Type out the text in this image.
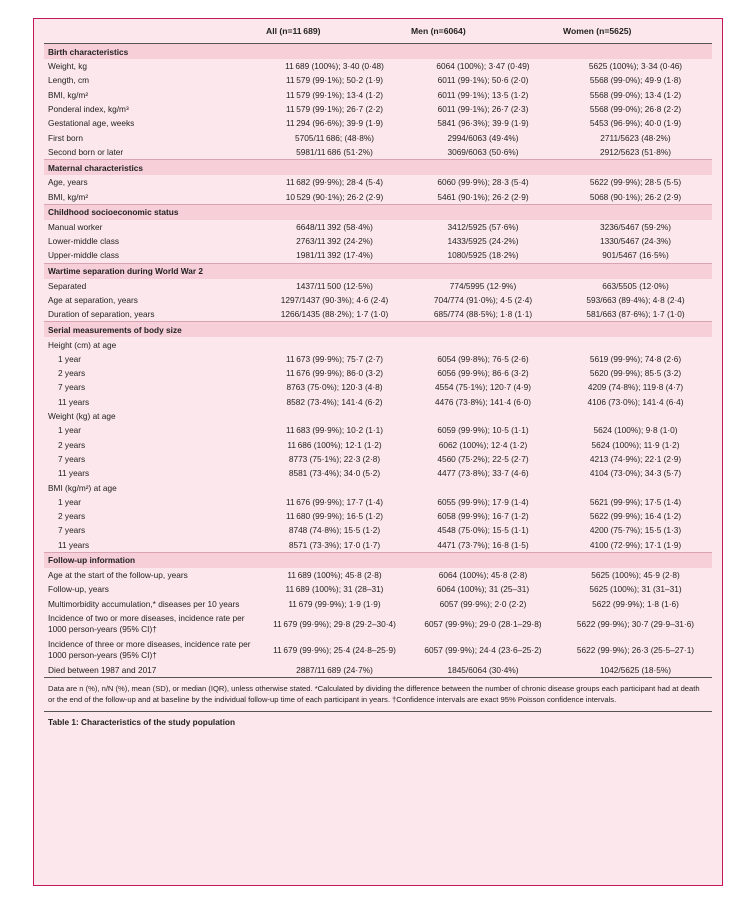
	All (n=11 689)	Men (n=6064)	Women (n=5625)
Birth characteristics			
Weight, kg	11 689 (100%); 3·40 (0·48)	6064 (100%); 3·47 (0·49)	5625 (100%); 3·34 (0·46)
Length, cm	11 579 (99·1%); 50·2 (1·9)	6011 (99·1%); 50·6 (2·0)	5568 (99·0%); 49·9 (1·8)
BMI, kg/m²	11 579 (99·1%); 13·4 (1·2)	6011 (99·1%); 13·5 (1·2)	5568 (99·0%); 13·4 (1·2)
Ponderal index, kg/m³	11 579 (99·1%); 26·7 (2·2)	6011 (99·1%); 26·7 (2·3)	5568 (99·0%); 26·8 (2·2)
Gestational age, weeks	11 294 (96·6%); 39·9 (1·9)	5841 (96·3%); 39·9 (1·9)	5453 (96·9%); 40·0 (1·9)
First born	5705/11 686; (48·8%)	2994/6063 (49·4%)	2711/5623 (48·2%)
Second born or later	5981/11 686 (51·2%)	3069/6063 (50·6%)	2912/5623 (51·8%)
Maternal characteristics			
Age, years	11 682 (99·9%); 28·4 (5·4)	6060 (99·9%); 28·3 (5·4)	5622 (99·9%); 28·5 (5·5)
BMI, kg/m²	10 529 (90·1%); 26·2 (2·9)	5461 (90·1%); 26·2 (2·9)	5068 (90·1%); 26·2 (2·9)
Childhood socioeconomic status			
Manual worker	6648/11 392 (58·4%)	3412/5925 (57·6%)	3236/5467 (59·2%)
Lower-middle class	2763/11 392 (24·2%)	1433/5925 (24·2%)	1330/5467 (24·3%)
Upper-middle class	1981/11 392 (17·4%)	1080/5925 (18·2%)	901/5467 (16·5%)
Wartime separation during World War 2			
Separated	1437/11 500 (12·5%)	774/5995 (12·9%)	663/5505 (12·0%)
Age at separation, years	1297/1437 (90·3%); 4·6 (2·4)	704/774 (91·0%); 4·5 (2·4)	593/663 (89·4%); 4·8 (2·4)
Duration of separation, years	1266/1435 (88·2%); 1·7 (1·0)	685/774 (88·5%); 1·8 (1·1)	581/663 (87·6%); 1·7 (1·0)
Serial measurements of body size			
Height (cm) at age			
1 year	11 673 (99·9%); 75·7 (2·7)	6054 (99·8%); 76·5 (2·6)	5619 (99·9%); 74·8 (2·6)
2 years	11 676 (99·9%); 86·0 (3·2)	6056 (99·9%); 86·6 (3·2)	5620 (99·9%); 85·5 (3·2)
7 years	8763 (75·0%); 120·3 (4·8)	4554 (75·1%); 120·7 (4·9)	4209 (74·8%); 119·8 (4·7)
11 years	8582 (73·4%); 141·4 (6·2)	4476 (73·8%); 141·4 (6·0)	4106 (73·0%); 141·4 (6·4)
Weight (kg) at age			
1 year	11 683 (99·9%); 10·2 (1·1)	6059 (99·9%); 10·5 (1·1)	5624 (100%); 9·8 (1·0)
2 years	11 686 (100%); 12·1 (1·2)	6062 (100%); 12·4 (1·2)	5624 (100%); 11·9 (1·2)
7 years	8773 (75·1%); 22·3 (2·8)	4560 (75·2%); 22·5 (2·7)	4213 (74·9%); 22·1 (2·9)
11 years	8581 (73·4%); 34·0 (5·2)	4477 (73·8%); 33·7 (4·6)	4104 (73·0%); 34·3 (5·7)
BMI (kg/m²) at age			
1 year	11 676 (99·9%); 17·7 (1·4)	6055 (99·9%); 17·9 (1·4)	5621 (99·9%); 17·5 (1·4)
2 years	11 680 (99·9%); 16·5 (1·2)	6058 (99·9%); 16·7 (1·2)	5622 (99·9%); 16·4 (1·2)
7 years	8748 (74·8%); 15·5 (1·2)	4548 (75·0%); 15·5 (1·1)	4200 (75·7%); 15·5 (1·3)
11 years	8571 (73·3%); 17·0 (1·7)	4471 (73·7%); 16·8 (1·5)	4100 (72·9%); 17·1 (1·9)
Follow-up information			
Age at the start of the follow-up, years	11 689 (100%); 45·8 (2·8)	6064 (100%); 45·8 (2·8)	5625 (100%); 45·9 (2·8)
Follow-up, years	11 689 (100%); 31 (28–31)	6064 (100%); 31 (25–31)	5625 (100%); 31 (31–31)
Multimorbidity accumulation,* diseases per 10 years	11 679 (99·9%); 1·9 (1·9)	6057 (99·9%); 2·0 (2·2)	5622 (99·9%); 1·8 (1·6)
Incidence of two or more diseases, incidence rate per 1000 person-years (95% CI)†	11 679 (99·9%); 29·8 (29·2–30·4)	6057 (99·9%); 29·0 (28·1–29·8)	5622 (99·9%); 30·7 (29·9–31·6)
Incidence of three or more diseases, incidence rate per 1000 person-years (95% CI)†	11 679 (99·9%); 25·4 (24·8–25·9)	6057 (99·9%); 24·4 (23·6–25·2)	5622 (99·9%); 26·3 (25·5–27·1)
Died between 1987 and 2017	2887/11 689 (24·7%)	1845/6064 (30·4%)	1042/5625 (18·5%)
Data are n (%), n/N (%), mean (SD), or median (IQR), unless otherwise stated. *Calculated by dividing the difference between the number of chronic disease groups each participant had at death or the end of the follow-up and at baseline by the individual follow-up time of each participant in years. †Confidence intervals are exact 95% Poisson confidence intervals.
Table 1: Characteristics of the study population
